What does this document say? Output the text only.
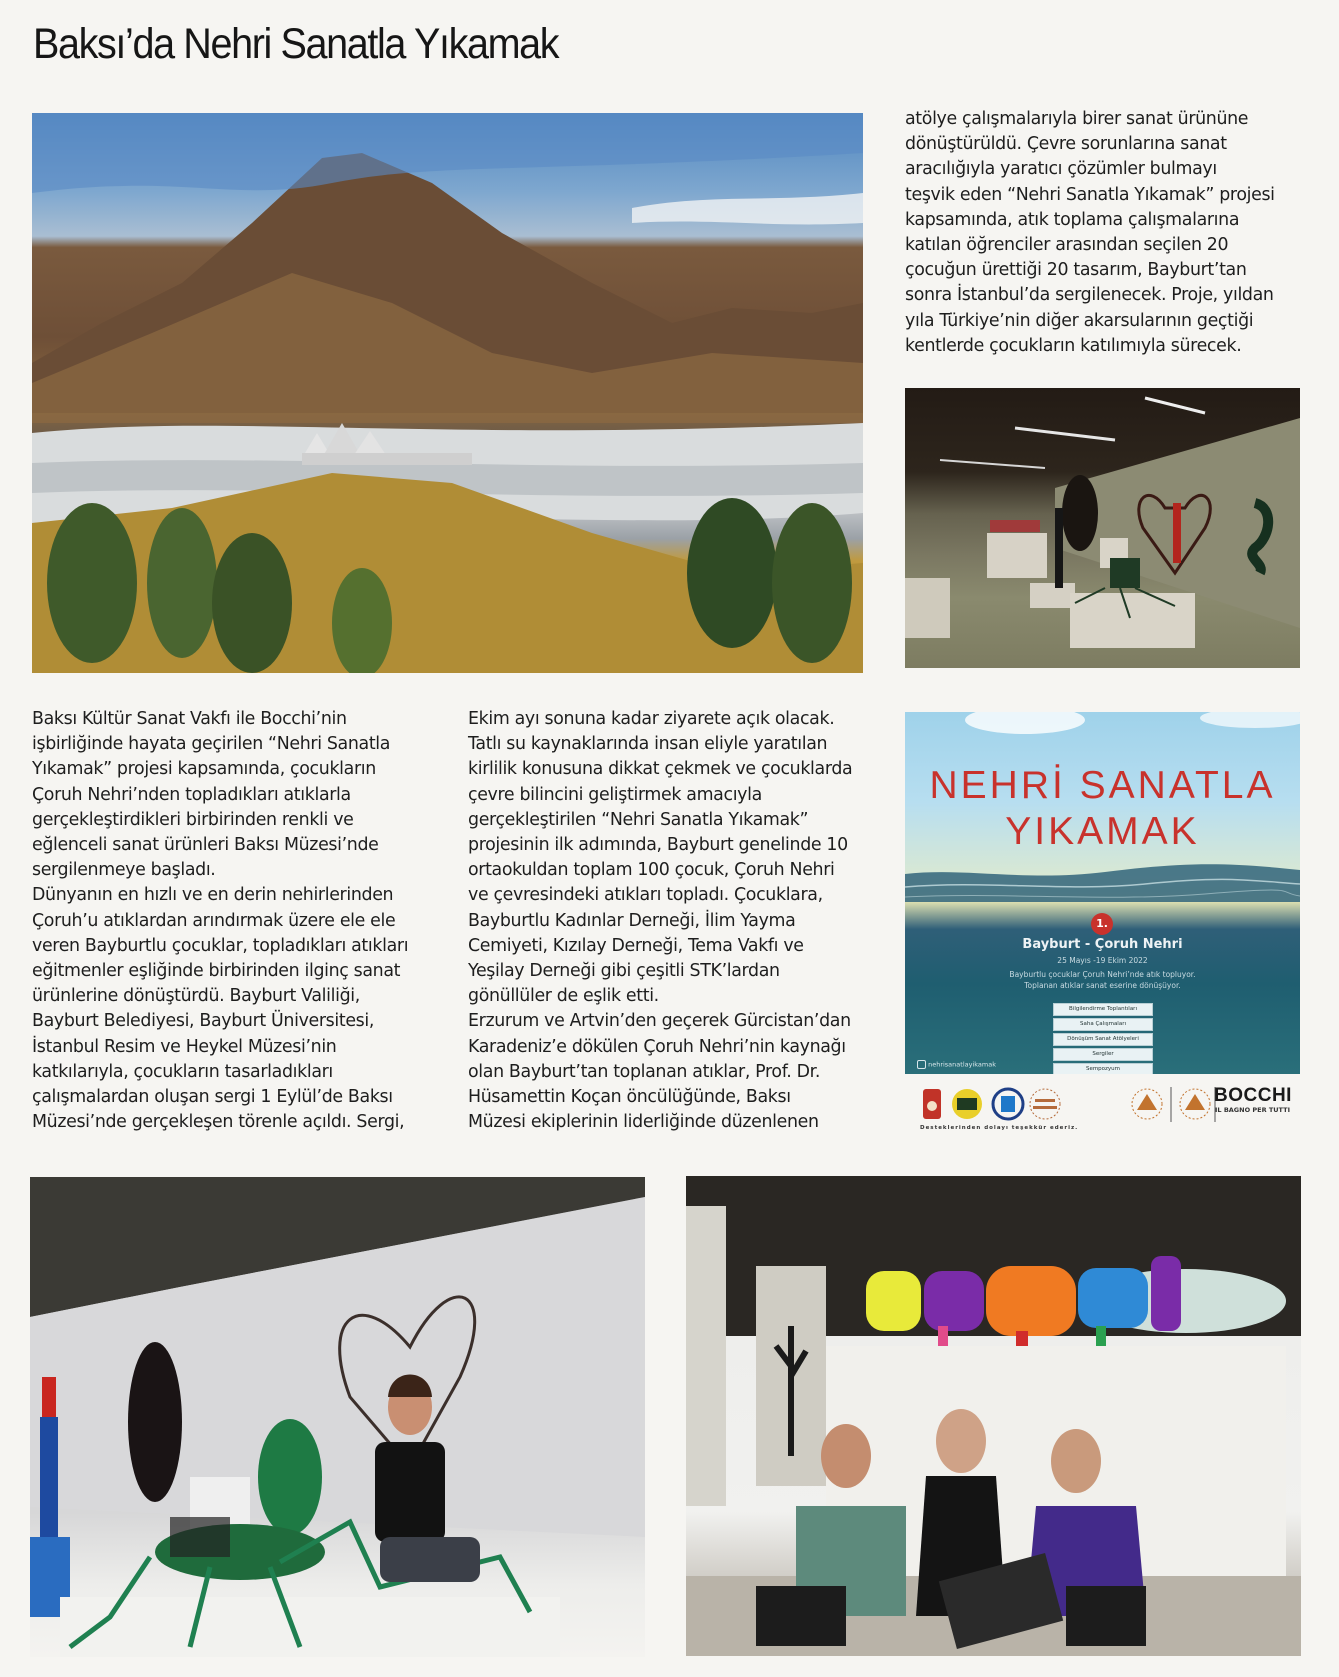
Baksı’da Nehri Sanatla Yıkamak

atölye çalışmalarıyla birer sanat ürününe
dönüştürüldü. Çevre sorunlarına sanat
aracılığıyla yaratıcı çözümler bulmayı
teşvik eden “Nehri Sanatla Yıkamak” projesi
kapsamında, atık toplama çalışmalarına
katılan öğrenciler arasından seçilen 20
çocuğun ürettiği 20 tasarım, Bayburt’tan
sonra İstanbul’da sergilenecek. Proje, yıldan
yıla Türkiye’nin diğer akarsularının geçtiği
kentlerde çocukların katılımıyla sürecek.

Baksı Kültür Sanat Vakfı ile Bocchi’nin
işbirliğinde hayata geçirilen “Nehri Sanatla
Yıkamak” projesi kapsamında, çocukların
Çoruh Nehri’nden topladıkları atıklarla
gerçekleştirdikleri birbirinden renkli ve
eğlenceli sanat ürünleri Baksı Müzesi’nde
sergilenmeye başladı.
Dünyanın en hızlı ve en derin nehirlerinden
Çoruh’u atıklardan arındırmak üzere ele ele
veren Bayburtlu çocuklar, topladıkları atıkları
eğitmenler eşliğinde birbirinden ilginç sanat
ürünlerine dönüştürdü. Bayburt Valiliği,
Bayburt Belediyesi, Bayburt Üniversitesi,
İstanbul Resim ve Heykel Müzesi’nin
katkılarıyla, çocukların tasarladıkları
çalışmalardan oluşan sergi 1 Eylül’de Baksı
Müzesi’nde gerçekleşen törenle açıldı. Sergi,

Ekim ayı sonuna kadar ziyarete açık olacak.
Tatlı su kaynaklarında insan eliyle yaratılan
kirlilik konusuna dikkat çekmek ve çocuklarda
çevre bilincini geliştirmek amacıyla
gerçekleştirilen “Nehri Sanatla Yıkamak”
projesinin ilk adımında, Bayburt genelinde 10
ortaokuldan toplam 100 çocuk, Çoruh Nehri
ve çevresindeki atıkları topladı. Çocuklara,
Bayburtlu Kadınlar Derneği, İlim Yayma
Cemiyeti, Kızılay Derneği, Tema Vakfı ve
Yeşilay Derneği gibi çeşitli STK’lardan
gönüllüler de eşlik etti.
Erzurum ve Artvin’den geçerek Gürcistan’dan
Karadeniz’e dökülen Çoruh Nehri’nin kaynağı
olan Bayburt’tan toplanan atıklar, Prof. Dr.
Hüsamettin Koçan öncülüğünde, Baksı
Müzesi ekiplerinin liderliğinde düzenlenen

NEHRİ SANATLA
YIKAMAK
1.
Bayburt - Çoruh Nehri
25 Mayıs -19 Ekim 2022
Bayburtlu çocuklar Çoruh Nehri’nde atık topluyor.
Toplanan atıklar sanat eserine dönüşüyor.
Bilgilendirme Toplantıları
Saha Çalışmaları
Dönüşüm Sanat Atölyeleri
Sergiler
Sempozyum
nehrisanatlayikamak
BOCCHI
IL BAGNO PER TUTTI
Desteklerinden dolayı teşekkür ederiz.
